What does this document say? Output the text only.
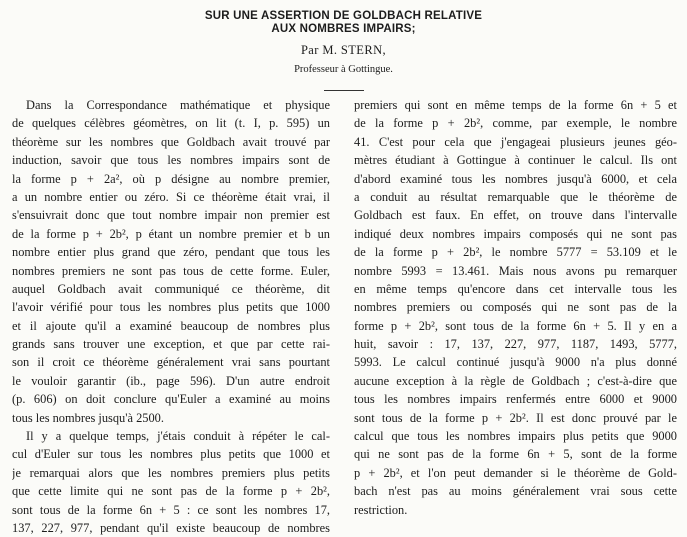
SUR UNE ASSERTION DE GOLDBACH RELATIVE
AUX NOMBRES IMPAIRS;
Par M. STERN,
Professeur à Gottingue.
Dans la Correspondance mathématique et physique
de quelques célèbres géomètres, on lit (t. I, p. 595) un
théorème sur les nombres que Goldbach avait trouvé par
induction, savoir que tous les nombres impairs sont de
la forme p + 2a², où p désigne au nombre premier,
a un nombre entier ou zéro. Si ce théorème était vrai, il
s'ensuivrait donc que tout nombre impair non premier est
de la forme p + 2b², p étant un nombre premier et b un
nombre entier plus grand que zéro, pendant que tous les
nombres premiers ne sont pas tous de cette forme. Euler,
auquel Goldbach avait communiqué ce théorème, dit
l'avoir vérifié pour tous les nombres plus petits que 1000
et il ajoute qu'il a examiné beaucoup de nombres plus
grands sans trouver une exception, et que par cette rai-
son il croit ce théorème généralement vrai sans pourtant
le vouloir garantir (ib., page 596). D'un autre endroit
(p. 606) on doit conclure qu'Euler a examiné au moins
tous les nombres jusqu'à 2500.
Il y a quelque temps, j'étais conduit à répéter le cal-
cul d'Euler sur tous les nombres plus petits que 1000 et
je remarquai alors que les nombres premiers plus petits
que cette limite qui ne sont pas de la forme p + 2b²,
sont tous de la forme 6n + 5 : ce sont les nombres 17,
137, 227, 977, pendant qu'il existe beaucoup de nombres
premiers qui sont en même temps de la forme 6n + 5 et
de la forme p + 2b², comme, par exemple, le nombre
41. C'est pour cela que j'engageai plusieurs jeunes géo-
mètres étudiant à Gottingue à continuer le calcul. Ils ont
d'abord examiné tous les nombres jusqu'à 6000, et cela
a conduit au résultat remarquable que le théorème de
Goldbach est faux. En effet, on trouve dans l'intervalle
indiqué deux nombres impairs composés qui ne sont pas
de la forme p + 2b², le nombre 5777 = 53.109 et le
nombre 5993 = 13.461. Mais nous avons pu remarquer
en même temps qu'encore dans cet intervalle tous les
nombres premiers ou composés qui ne sont pas de la
forme p + 2b², sont tous de la forme 6n + 5. Il y en a
huit, savoir : 17, 137, 227, 977, 1187, 1493, 5777,
5993. Le calcul continué jusqu'à 9000 n'a plus donné
aucune exception à la règle de Goldbach ; c'est-à-dire que
tous les nombres impairs renfermés entre 6000 et 9000
sont tous de la forme p + 2b². Il est donc prouvé par le
calcul que tous les nombres impairs plus petits que 9000
qui ne sont pas de la forme 6n + 5, sont de la forme
p + 2b², et l'on peut demander si le théorème de Gold-
bach n'est pas au moins généralement vrai sous cette
restriction.
